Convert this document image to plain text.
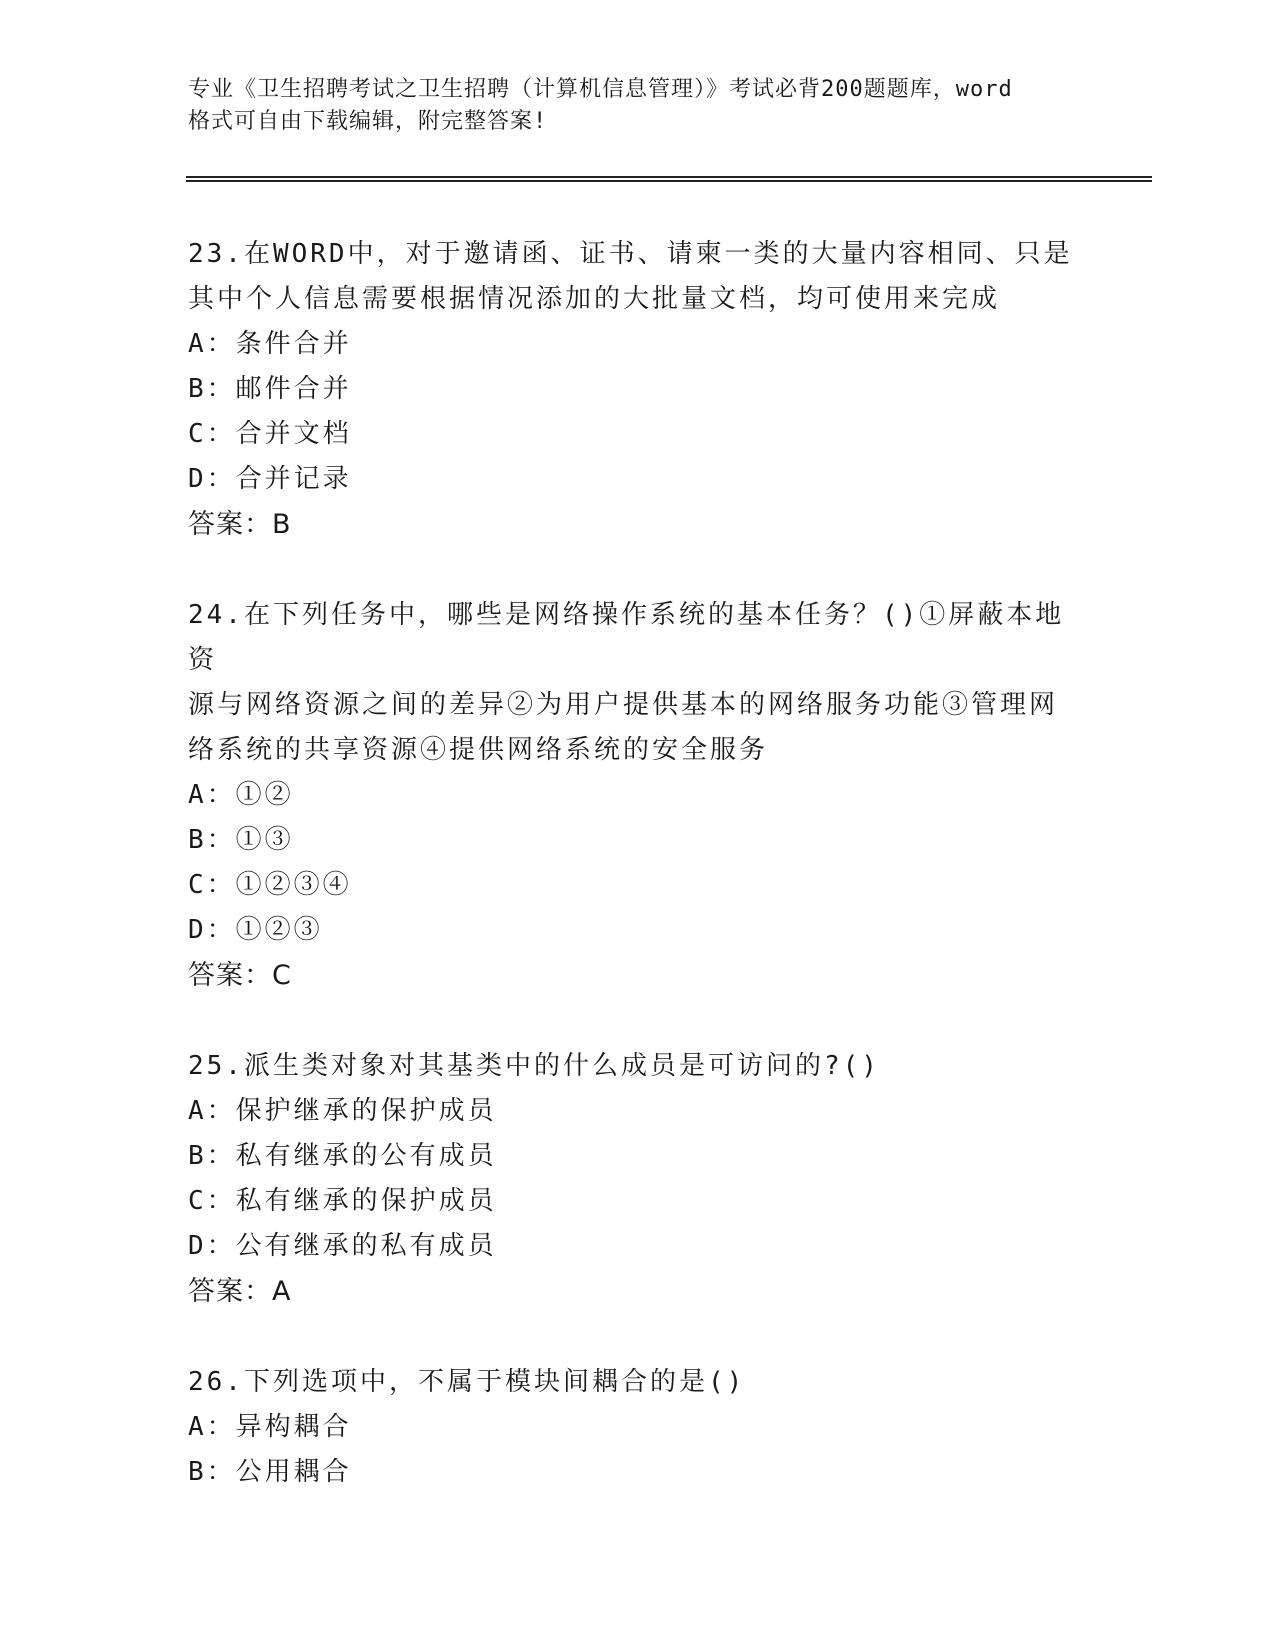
专业《卫生招聘考试之卫生招聘（计算机信息管理）》考试必背200题题库，word
格式可自由下载编辑，附完整答案!

23.在WORD中，对于邀请函、证书、请柬一类的大量内容相同、只是

其中个人信息需要根据情况添加的大批量文档，均可使用来完成

A：条件合并

B：邮件合并

C：合并文档

D：合并记录

答案：B

24.在下列任务中，哪些是网络操作系统的基本任务？()①屏蔽本地资

源与网络资源之间的差异②为用户提供基本的网络服务功能③管理网

络系统的共享资源④提供网络系统的安全服务

A：①②

B：①③

C：①②③④

D：①②③

答案：C

25.派生类对象对其基类中的什么成员是可访问的?()

A：保护继承的保护成员

B：私有继承的公有成员

C：私有继承的保护成员

D：公有继承的私有成员

答案：A

26.下列选项中，不属于模块间耦合的是()

A：异构耦合

B：公用耦合
